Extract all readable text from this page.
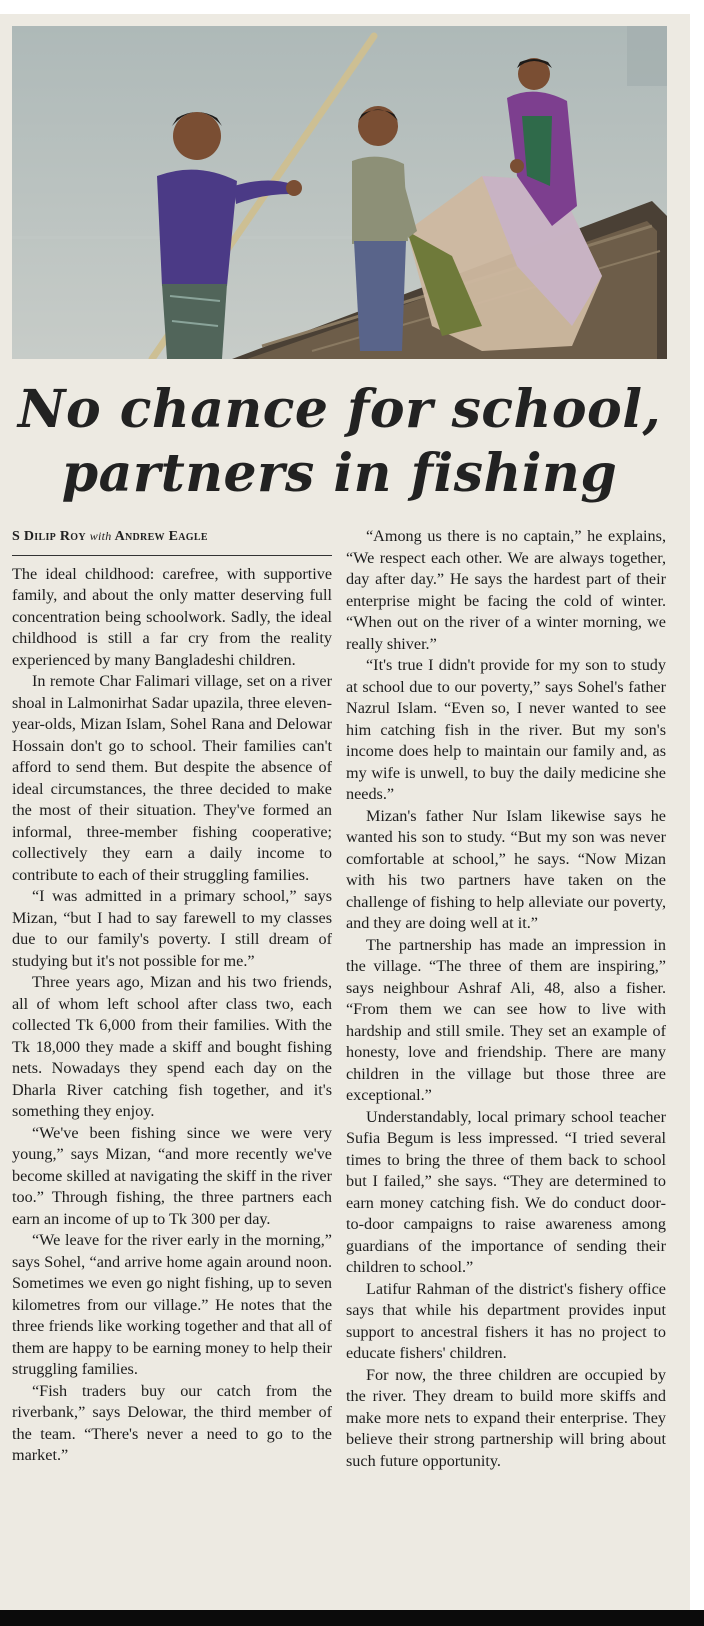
No chance for school,
partners in fishing
S Dilip Roy with Andrew Eagle

The ideal childhood: carefree, with supportive family, and about the only matter deserving full concentration being schoolwork. Sadly, the ideal childhood is still a far cry from the reality experienced by many Bangladeshi children.

In remote Char Falimari village, set on a river shoal in Lalmonirhat Sadar upazila, three eleven-year-olds, Mizan Islam, Sohel Rana and Delowar Hossain don't go to school. Their families can't afford to send them. But despite the absence of ideal circumstances, the three decided to make the most of their situation. They've formed an informal, three-member fishing cooperative; collectively they earn a daily income to contribute to each of their struggling families.

“I was admitted in a primary school,” says Mizan, “but I had to say farewell to my classes due to our family's poverty. I still dream of studying but it's not possible for me.”

Three years ago, Mizan and his two friends, all of whom left school after class two, each collected Tk 6,000 from their families. With the Tk 18,000 they made a skiff and bought fishing nets. Nowadays they spend each day on the Dharla River catching fish together, and it's something they enjoy.

“We've been fishing since we were very young,” says Mizan, “and more recently we've become skilled at navigating the skiff in the river too.” Through fishing, the three partners each earn an income of up to Tk 300 per day.

“We leave for the river early in the morning,” says Sohel, “and arrive home again around noon. Sometimes we even go night fishing, up to seven kilometres from our village.” He notes that the three friends like working together and that all of them are happy to be earning money to help their struggling families.

“Fish traders buy our catch from the riverbank,” says Delowar, the third member of the team. “There's never a need to go to the market.”

“Among us there is no captain,” he explains, “We respect each other. We are always together, day after day.” He says the hardest part of their enterprise might be facing the cold of winter. “When out on the river of a winter morning, we really shiver.”

“It's true I didn't provide for my son to study at school due to our poverty,” says Sohel's father Nazrul Islam. “Even so, I never wanted to see him catching fish in the river. But my son's income does help to maintain our family and, as my wife is unwell, to buy the daily medicine she needs.”

Mizan's father Nur Islam likewise says he wanted his son to study. “But my son was never comfortable at school,” he says. “Now Mizan with his two partners have taken on the challenge of fishing to help alleviate our poverty, and they are doing well at it.”

The partnership has made an impression in the village. “The three of them are inspiring,” says neighbour Ashraf Ali, 48, also a fisher. “From them we can see how to live with hardship and still smile. They set an example of honesty, love and friendship. There are many children in the village but those three are exceptional.”

Understandably, local primary school teacher Sufia Begum is less impressed. “I tried several times to bring the three of them back to school but I failed,” she says. “They are determined to earn money catching fish. We do conduct door-to-door campaigns to raise awareness among guardians of the importance of sending their children to school.”

Latifur Rahman of the district's fishery office says that while his department provides input support to ancestral fishers it has no project to educate fishers' children.

For now, the three children are occupied by the river. They dream to build more skiffs and make more nets to expand their enterprise. They believe their strong partnership will bring about such future opportunity.
